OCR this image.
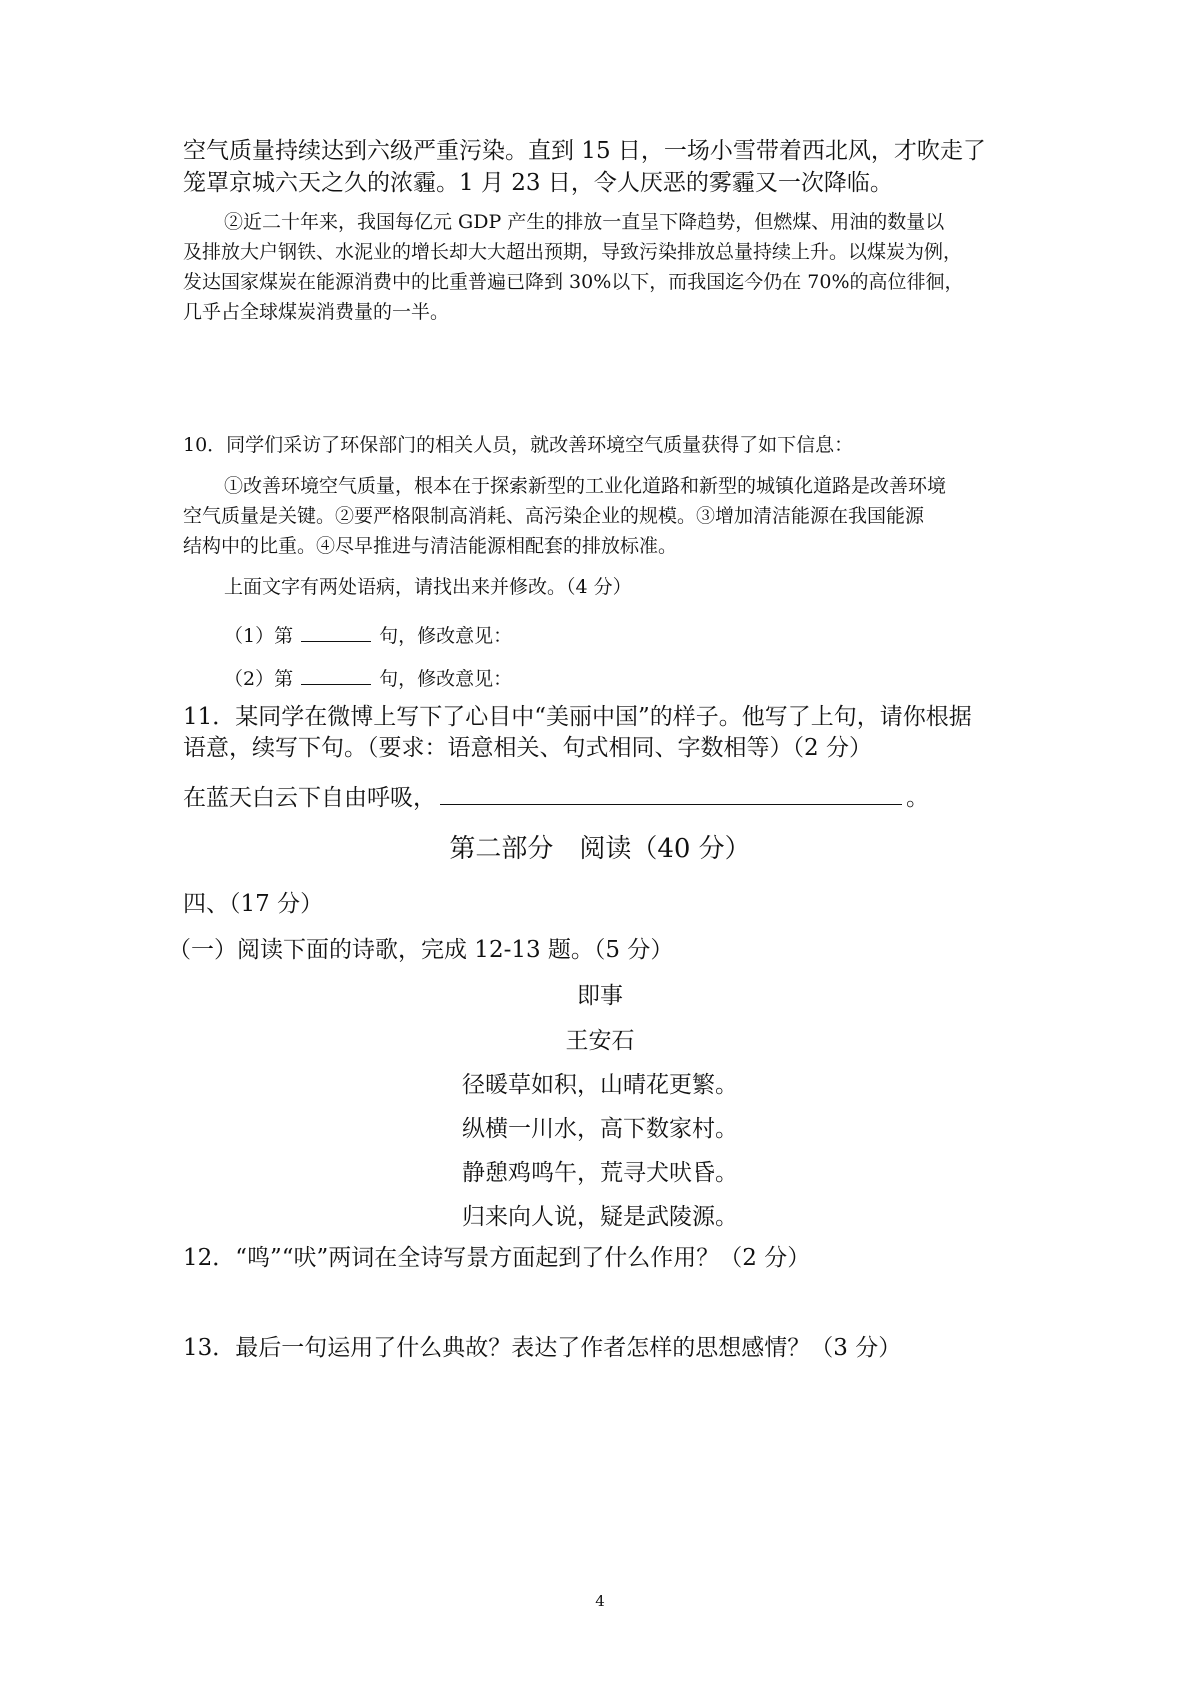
空气质量持续达到六级严重污染。直到 15 日，一场小雪带着西北风，才吹走了
笼罩京城六天之久的浓霾。1 月 23 日，令人厌恶的雾霾又一次降临。
②近二十年来，我国每亿元 GDP 产生的排放一直呈下降趋势，但燃煤、用油的数量以
及排放大户钢铁、水泥业的增长却大大超出预期，导致污染排放总量持续上升。以煤炭为例，
发达国家煤炭在能源消费中的比重普遍已降到 30%以下，而我国迄今仍在 70%的高位徘徊，
几乎占全球煤炭消费量的一半。
10．同学们采访了环保部门的相关人员，就改善环境空气质量获得了如下信息：
①改善环境空气质量，根本在于探索新型的工业化道路和新型的城镇化道路是改善环境
空气质量是关键。②要严格限制高消耗、高污染企业的规模。③增加清洁能源在我国能源
结构中的比重。④尽早推进与清洁能源相配套的排放标准。
上面文字有两处语病，请找出来并修改。（4 分）
（1）第	句，修改意见：
（2）第	句，修改意见：
11．某同学在微博上写下了心目中“美丽中国”的样子。他写了上句，请你根据
语意，续写下句。（要求：语意相关、句式相同、字数相等）（2 分）
在蓝天白云下自由呼吸，	。
第二部分　阅读（40 分）
四、（17 分）
（一）阅读下面的诗歌，完成 12-13 题。（5 分）
即事
王安石
径暖草如积，山晴花更繁。
纵横一川水，高下数家村。
静憩鸡鸣午，荒寻犬吠昏。
归来向人说，疑是武陵源。
12．“鸣”“吠”两词在全诗写景方面起到了什么作用？（2 分）
13．最后一句运用了什么典故？表达了作者怎样的思想感情？（3 分）
4
